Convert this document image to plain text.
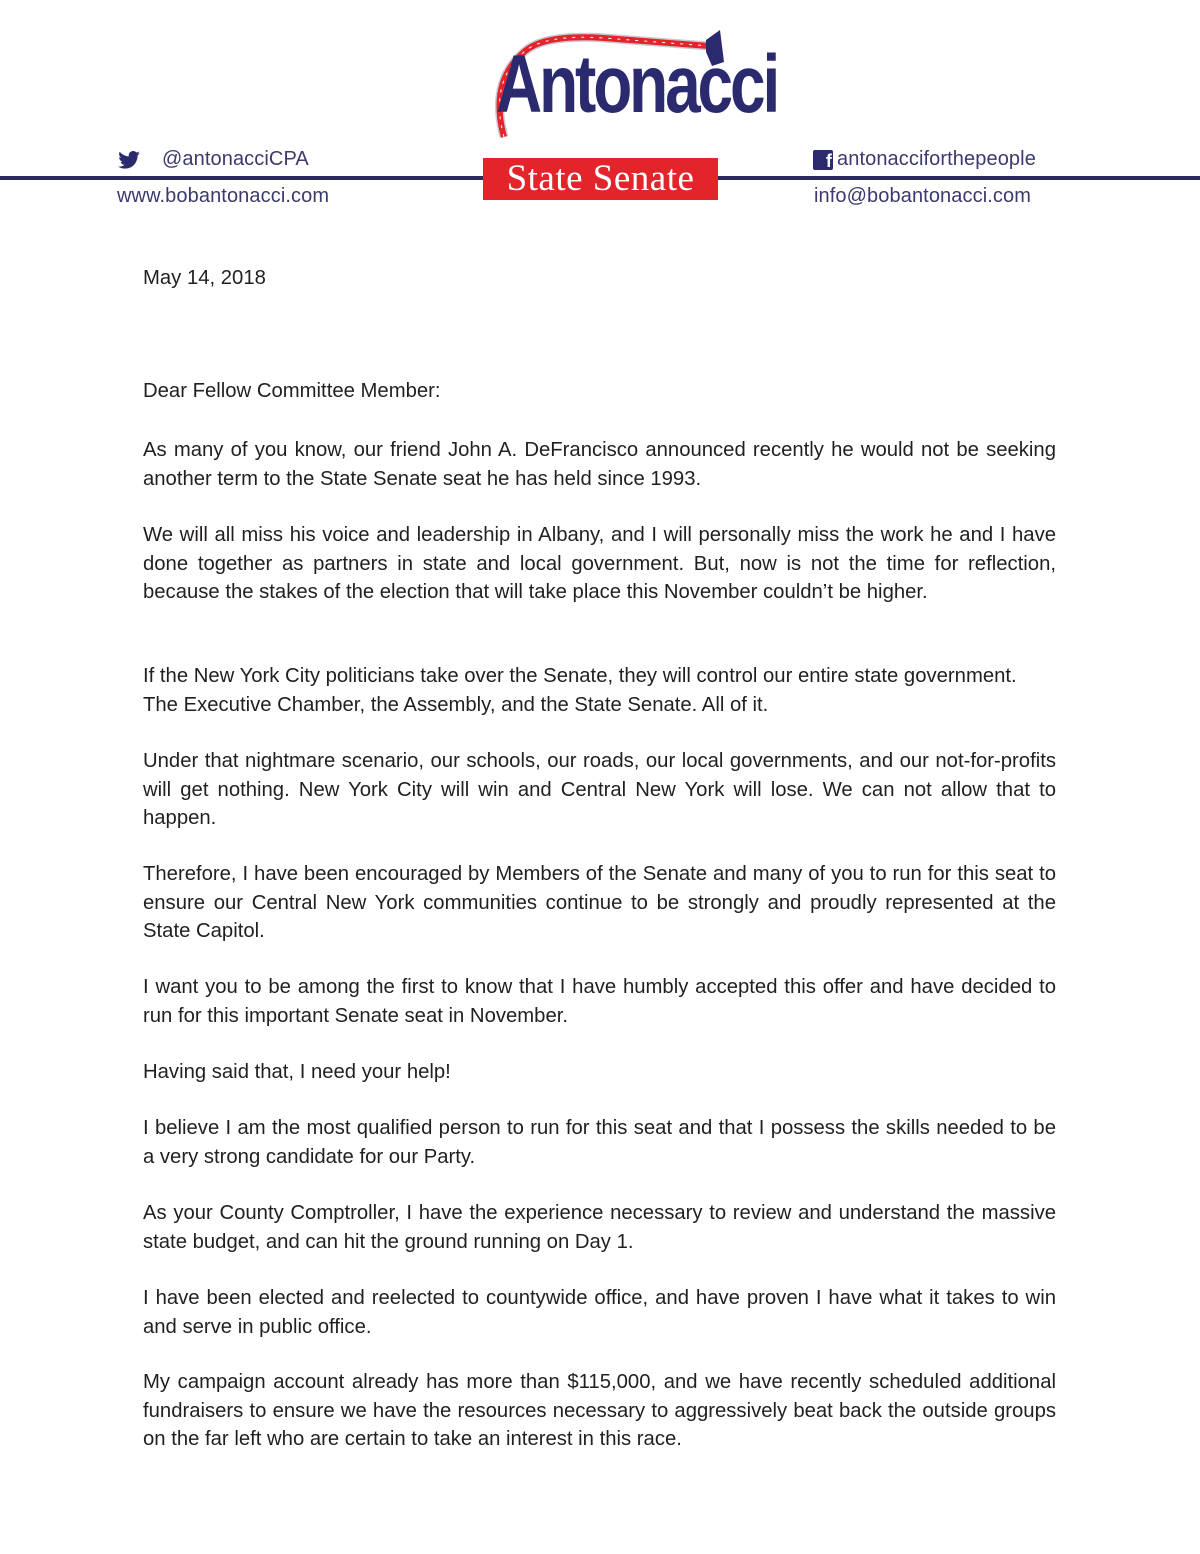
@antonacciCPA
www.bobantonacci.com
Antonacci
State Senate	f antonacciforthepeople
info@bobantonacci.com
May 14, 2018
Dear Fellow Committee Member:

As many of you know, our friend John A. DeFrancisco announced recently he would not be seeking another term to the State Senate seat he has held since 1993.

We will all miss his voice and leadership in Albany, and I will personally miss the work he and I have done together as partners in state and local government. But, now is not the time for reflection, because the stakes of the election that will take place this November couldn’t be higher.

If the New York City politicians take over the Senate, they will control our entire state government. The Executive Chamber, the Assembly, and the State Senate. All of it.

Under that nightmare scenario, our schools, our roads, our local governments, and our not-for-profits will get nothing. New York City will win and Central New York will lose. We can not allow that to happen.

Therefore, I have been encouraged by Members of the Senate and many of you to run for this seat to ensure our Central New York communities continue to be strongly and proudly represented at the State Capitol.

I want you to be among the first to know that I have humbly accepted this offer and have decided to run for this important Senate seat in November.

Having said that, I need your help!

I believe I am the most qualified person to run for this seat and that I possess the skills needed to be a very strong candidate for our Party.

As your County Comptroller, I have the experience necessary to review and understand the massive state budget, and can hit the ground running on Day 1.

I have been elected and reelected to countywide office, and have proven I have what it takes to win and serve in public office.

My campaign account already has more than $115,000, and we have recently scheduled additional fundraisers to ensure we have the resources necessary to aggressively beat back the outside groups on the far left who are certain to take an interest in this race.
